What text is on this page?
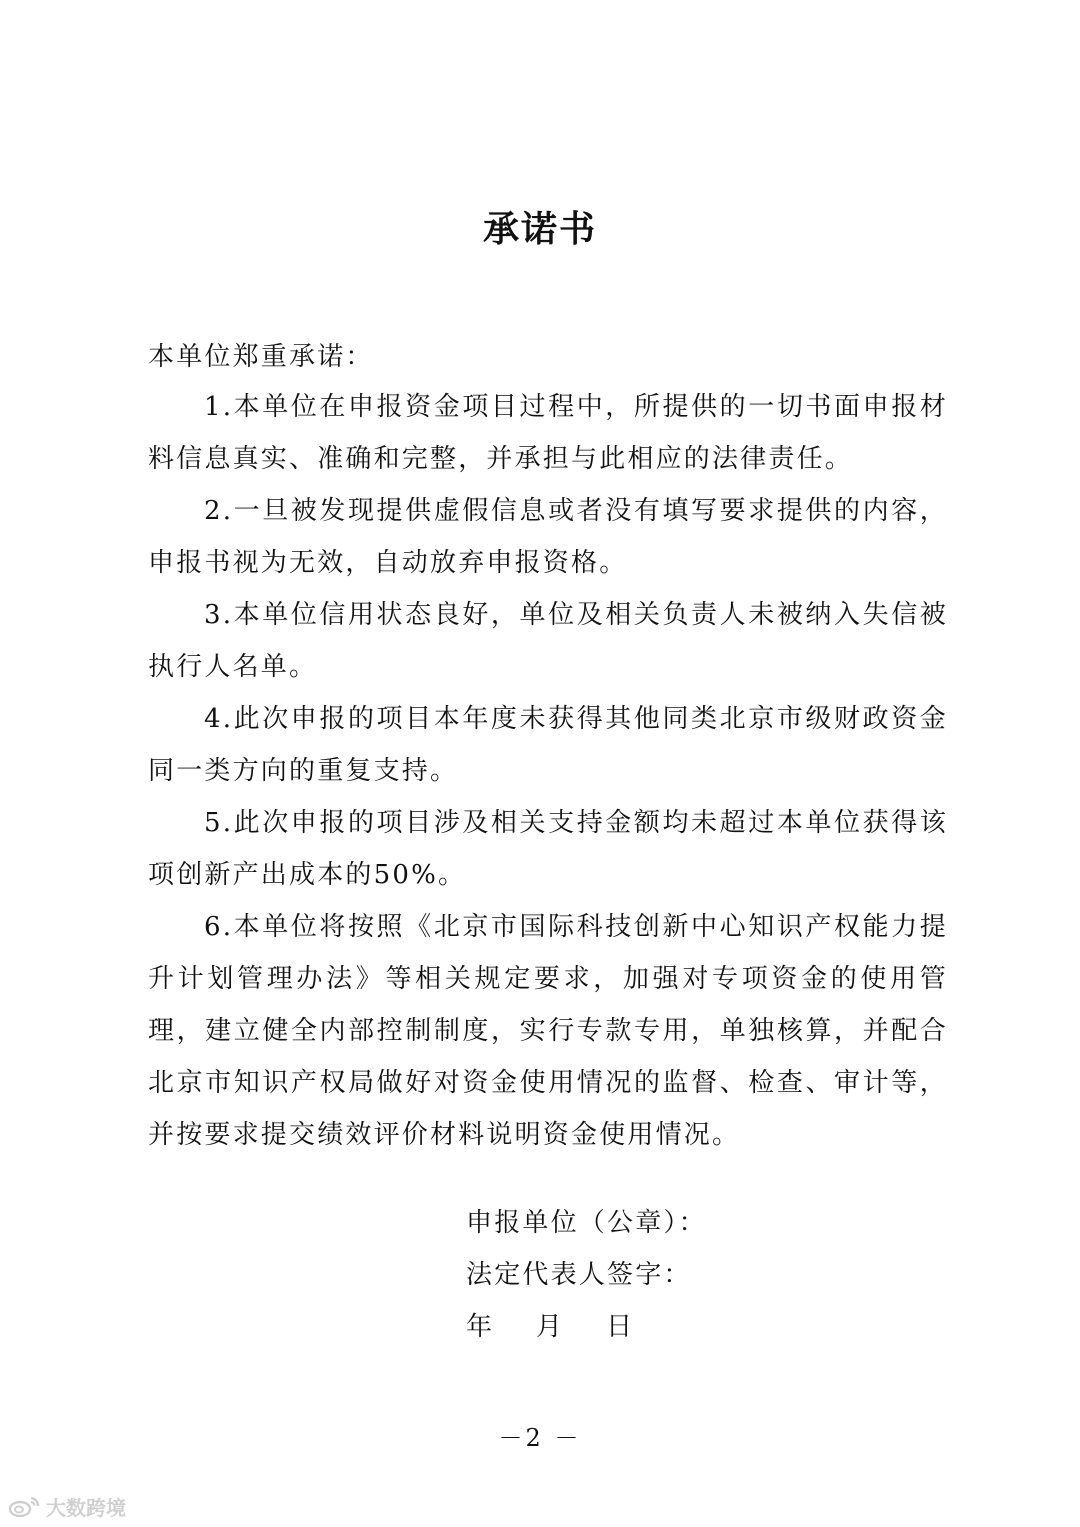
承诺书

本单位郑重承诺：

1.本单位在申报资金项目过程中，所提供的一切书面申报材料信息真实、准确和完整，并承担与此相应的法律责任。

2.一旦被发现提供虚假信息或者没有填写要求提供的内容，申报书视为无效，自动放弃申报资格。

3.本单位信用状态良好，单位及相关负责人未被纳入失信被执行人名单。

4.此次申报的项目本年度未获得其他同类北京市级财政资金同一类方向的重复支持。

5.此次申报的项目涉及相关支持金额均未超过本单位获得该项创新产出成本的50%。

6.本单位将按照《北京市国际科技创新中心知识产权能力提升计划管理办法》等相关规定要求，加强对专项资金的使用管理，建立健全内部控制制度，实行专款专用，单独核算，并配合北京市知识产权局做好对资金使用情况的监督、检查、审计等，并按要求提交绩效评价材料说明资金使用情况。

申报单位（公章）：
法定代表人签字：
年    月    日
－2 －
大数跨境
